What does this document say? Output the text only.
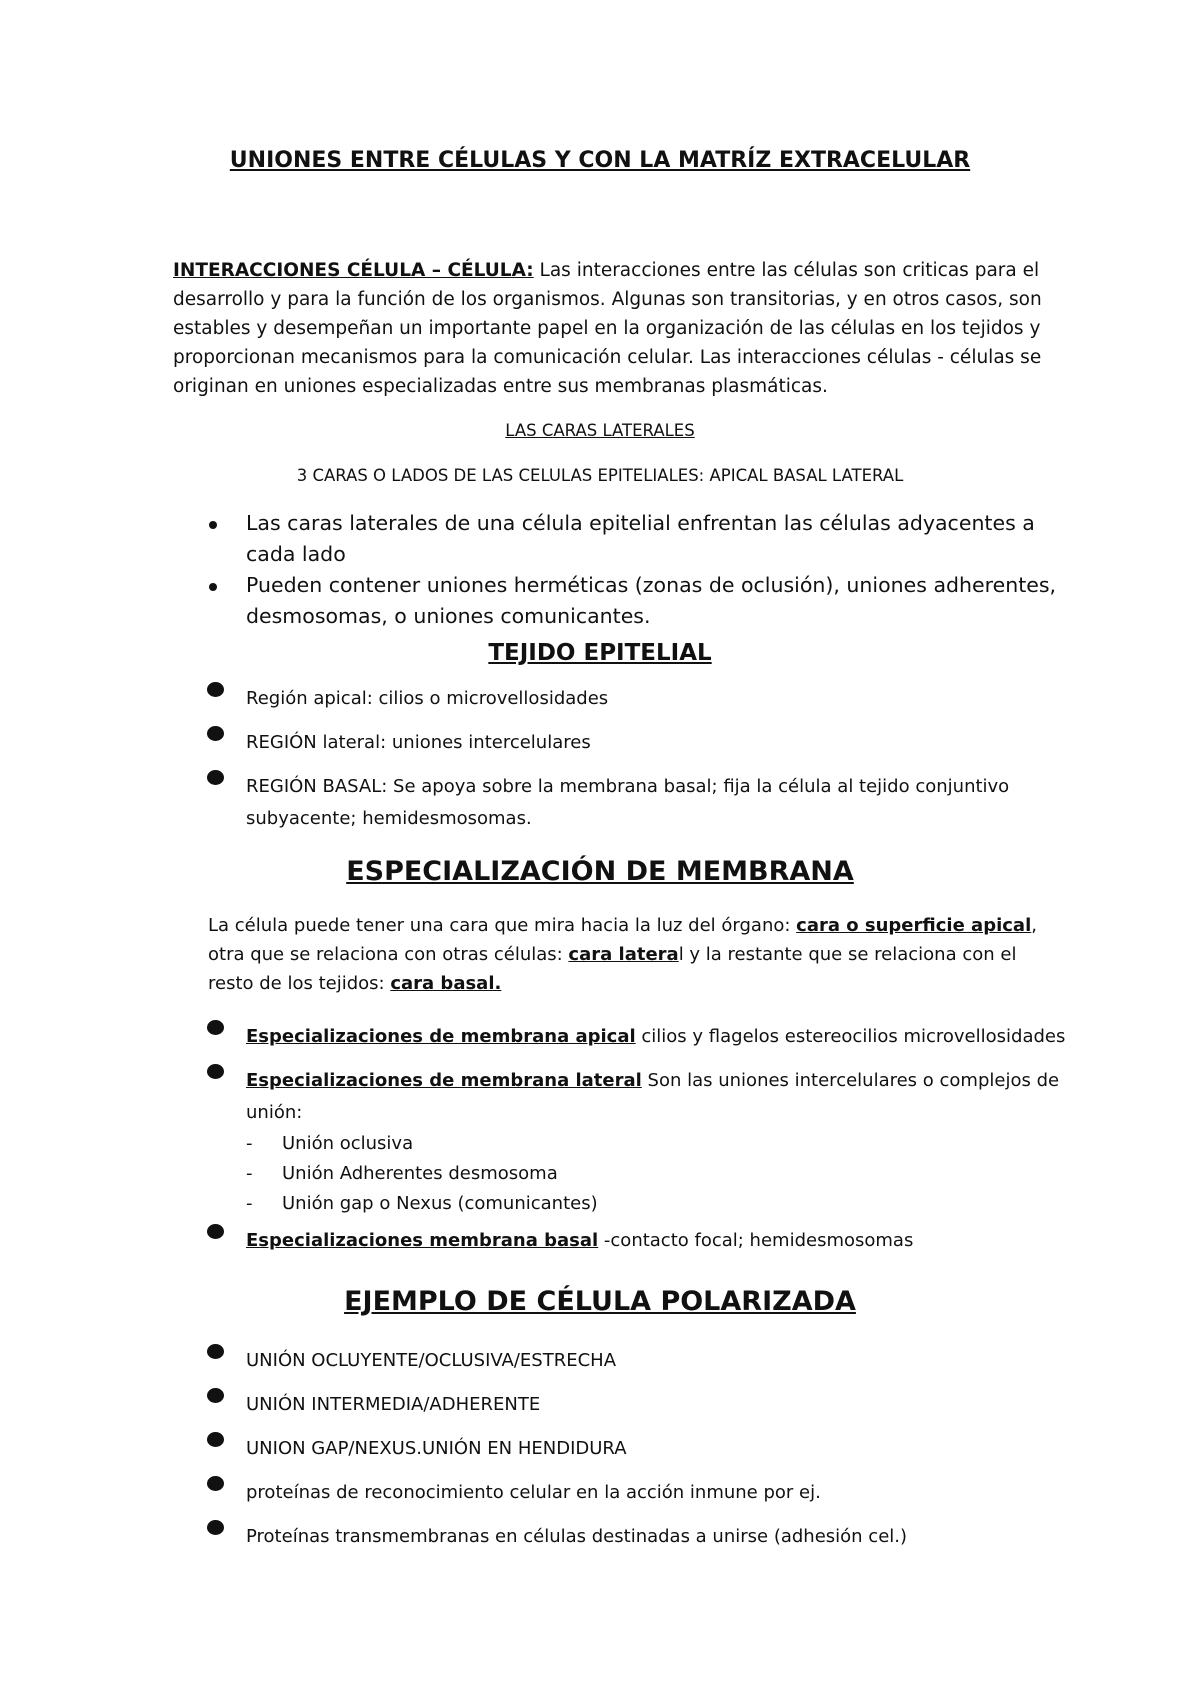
UNIONES ENTRE CÉLULAS Y CON LA MATRÍZ EXTRACELULAR
INTERACCIONES CÉLULA – CÉLULA: Las interacciones entre las células son criticas para el
desarrollo y para la función de los organismos. Algunas son transitorias, y en otros casos, son
estables y desempeñan un importante papel en la organización de las células en los tejidos y
proporcionan mecanismos para la comunicación celular. Las interacciones células - células se
originan en uniones especializadas entre sus membranas plasmáticas.
LAS CARAS LATERALES
3 CARAS O LADOS DE LAS CELULAS EPITELIALES: APICAL BASAL LATERAL
Las caras laterales de una célula epitelial enfrentan las células adyacentes a
cada lado
Pueden contener uniones herméticas (zonas de oclusión), uniones adherentes,
desmosomas, o uniones comunicantes.
TEJIDO EPITELIAL
Región apical: cilios o microvellosidades
REGIÓN lateral: uniones intercelulares
REGIÓN BASAL: Se apoya sobre la membrana basal; fija la célula al tejido conjuntivo
subyacente; hemidesmosomas.
ESPECIALIZACIÓN DE MEMBRANA
La célula puede tener una cara que mira hacia la luz del órgano: cara o superficie apical,
otra que se relaciona con otras células: cara lateral y la restante que se relaciona con el
resto de los tejidos: cara basal.
Especializaciones de membrana apical cilios y flagelos estereocilios microvellosidades
Especializaciones de membrana lateral Son las uniones intercelulares o complejos de
unión:
- Unión oclusiva
- Unión Adherentes desmosoma
- Unión gap o Nexus (comunicantes)
Especializaciones membrana basal -contacto focal; hemidesmosomas
EJEMPLO DE CÉLULA POLARIZADA
UNIÓN OCLUYENTE/OCLUSIVA/ESTRECHA
UNIÓN INTERMEDIA/ADHERENTE
UNION GAP/NEXUS.UNIÓN EN HENDIDURA
proteínas de reconocimiento celular en la acción inmune por ej.
Proteínas transmembranas en células destinadas a unirse (adhesión cel.)
